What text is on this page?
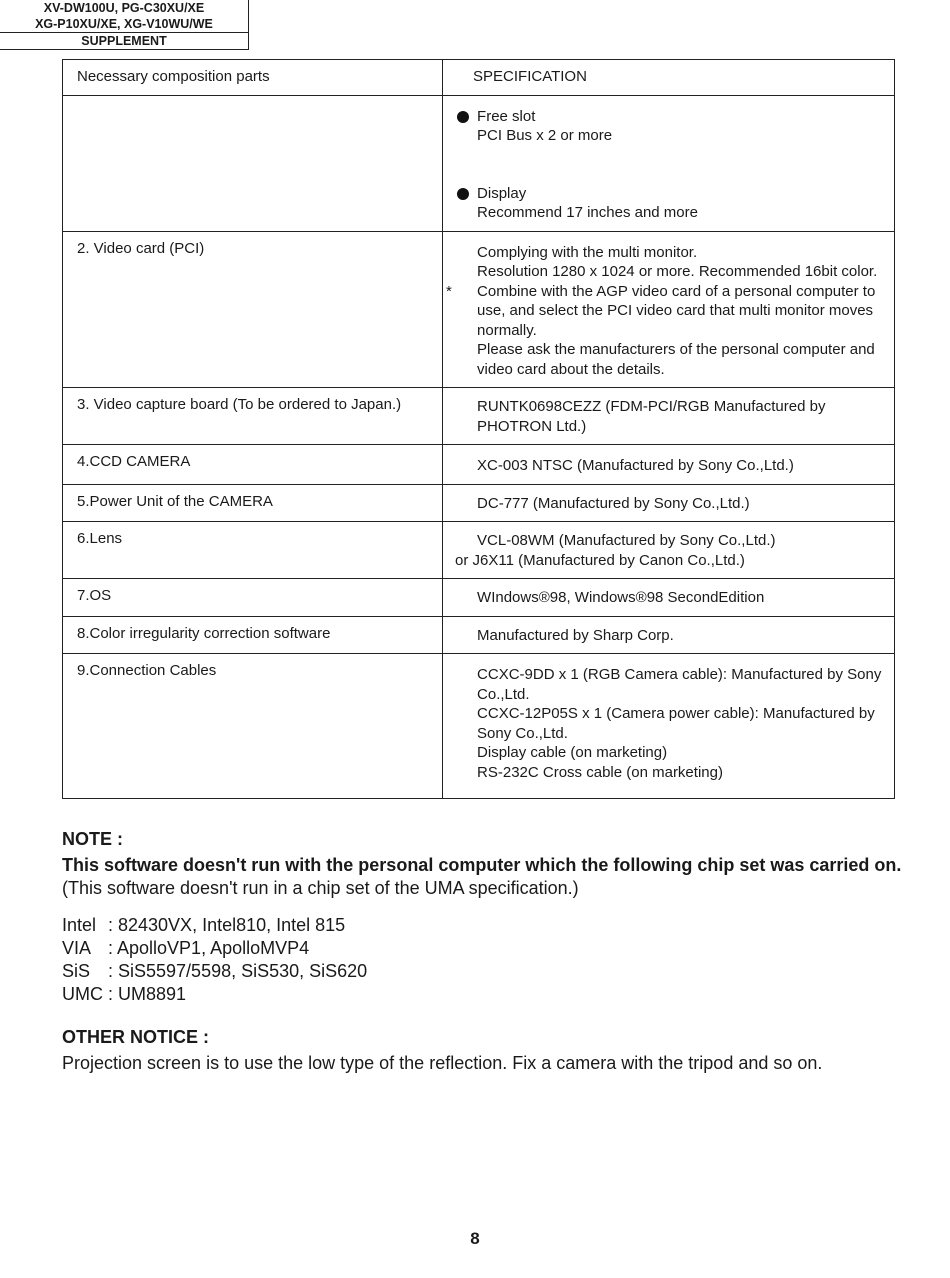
XV-DW100U, PG-C30XU/XE
XG-P10XU/XE, XG-V10WU/WE
SUPPLEMENT
Necessary composition parts	SPECIFICATION

	Free slot
PCI Bus x 2 or more
Display
Recommend 17 inches and more

2. Video card (PCI)	Complying with the multi monitor.
Resolution 1280 x 1024 or more. Recommended 16bit color.
* Combine with the AGP video card of a personal computer to use, and select the PCI video card that multi monitor moves normally.
Please ask the manufacturers of the personal computer and video card about the details.

3. Video capture board (To be ordered to Japan.)	RUNTK0698CEZZ (FDM-PCI/RGB Manufactured by PHOTRON Ltd.)

4.CCD CAMERA	XC-003 NTSC (Manufactured by Sony Co.,Ltd.)

5.Power Unit of the CAMERA	DC-777 (Manufactured by Sony Co.,Ltd.)

6.Lens	VCL-08WM (Manufactured by Sony Co.,Ltd.)
or J6X11 (Manufactured by Canon Co.,Ltd.)

7.OS	WIndows®98, Windows®98 SecondEdition

8.Color irregularity correction software	Manufactured by Sharp Corp.

9.Connection Cables	CCXC-9DD x 1 (RGB Camera cable): Manufactured by Sony Co.,Ltd.
CCXC-12P05S x 1 (Camera power cable): Manufactured by Sony Co.,Ltd.
Display cable (on marketing)
RS-232C Cross cable (on marketing)
NOTE :
This software doesn't run with the personal computer which the following chip set was carried on. (This software doesn't run in a chip set of the UMA specification.)
Intel : 82430VX, Intel810, Intel 815
VIA : ApolloVP1, ApolloMVP4
SiS : SiS5597/5598, SiS530, SiS620
UMC : UM8891
OTHER NOTICE :
Projection screen is to use the low type of the reflection. Fix a camera with the tripod and so on.
8
